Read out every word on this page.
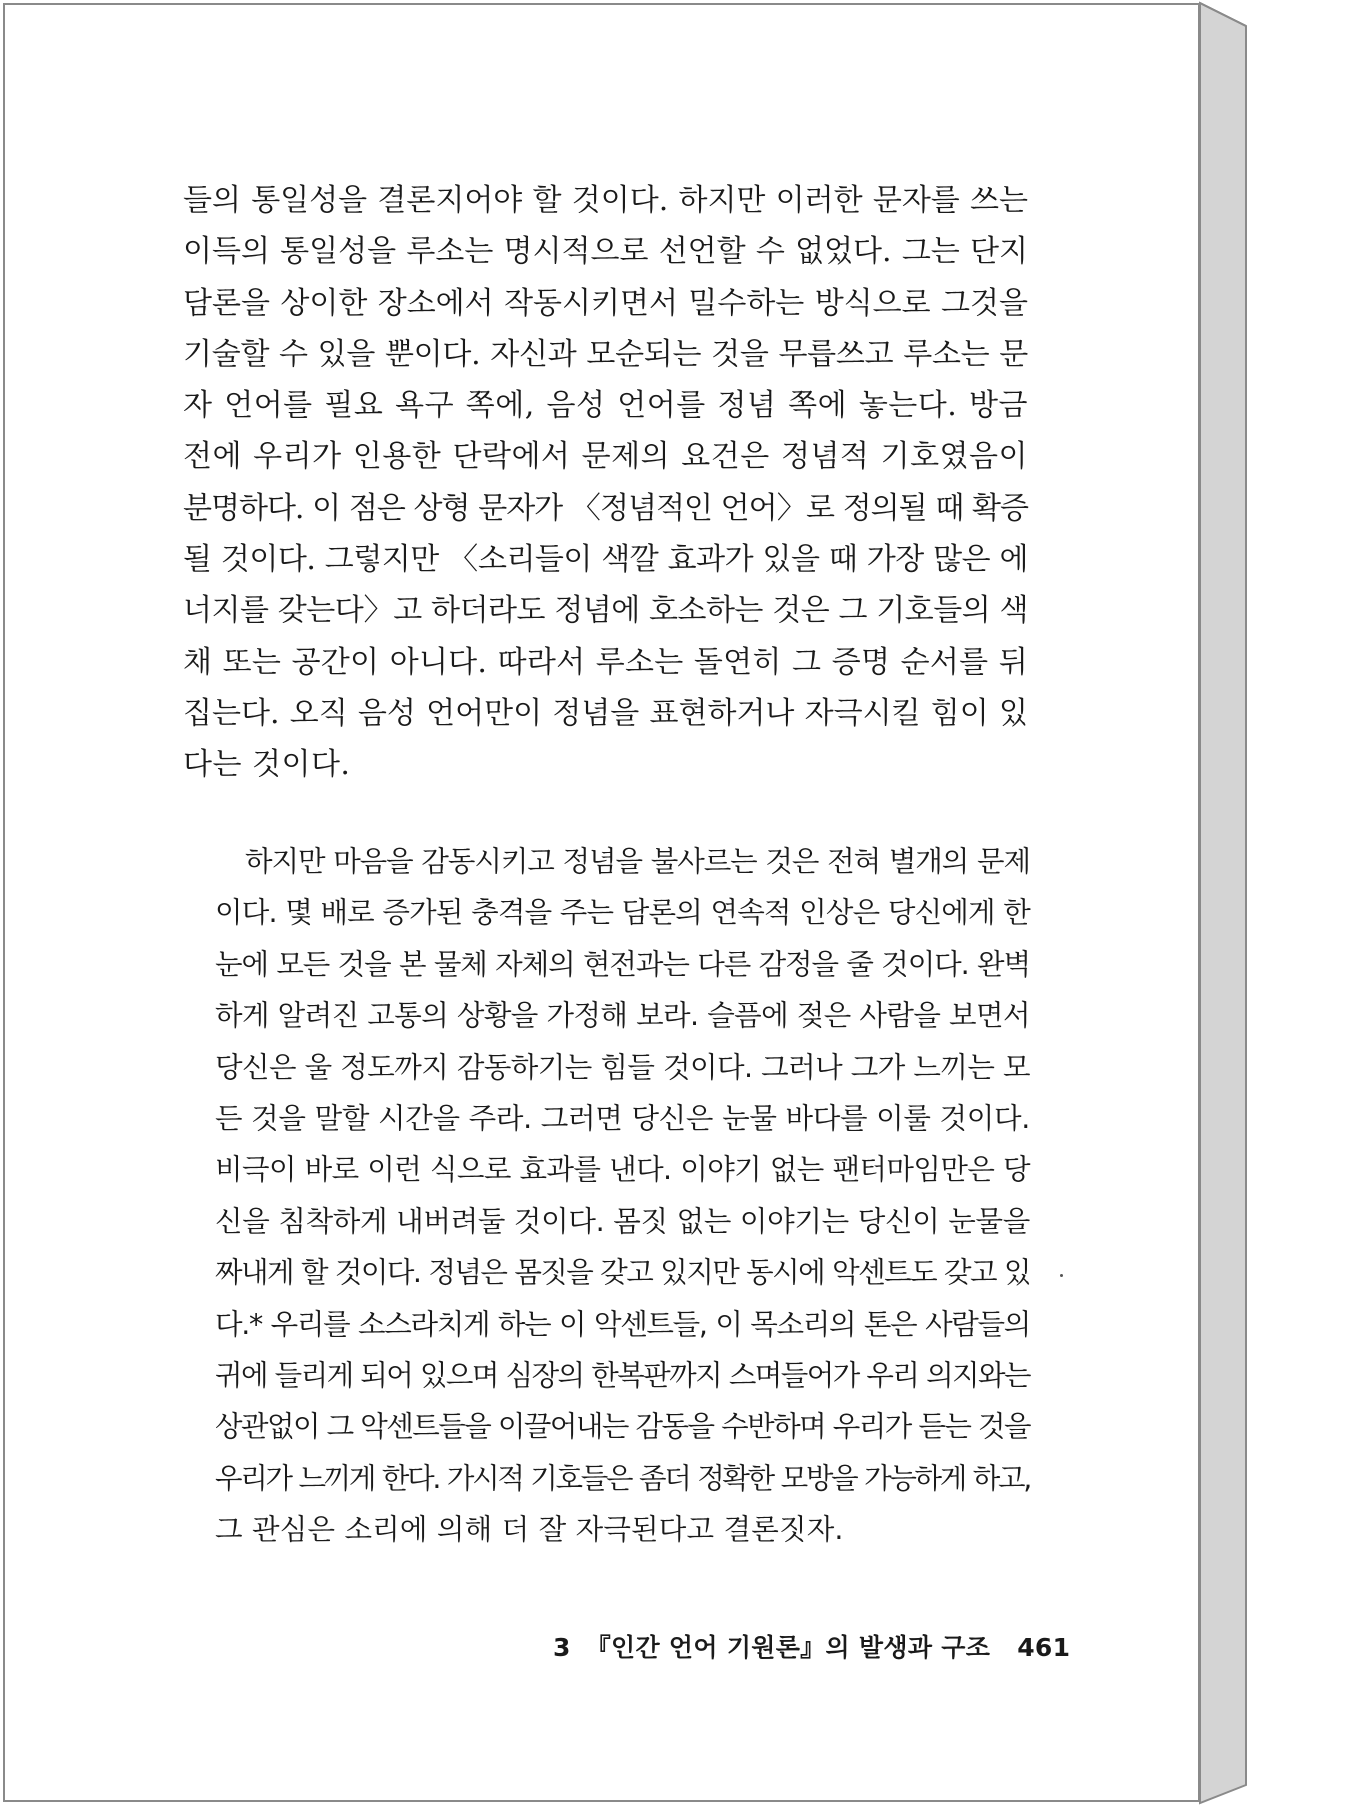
들의 통일성을 결론지어야 할 것이다. 하지만 이러한 문자를 쓰는
이득의 통일성을 루소는 명시적으로 선언할 수 없었다. 그는 단지
담론을 상이한 장소에서 작동시키면서 밀수하는 방식으로 그것을
기술할 수 있을 뿐이다. 자신과 모순되는 것을 무릅쓰고 루소는 문
자 언어를 필요 욕구 쪽에, 음성 언어를 정념 쪽에 놓는다. 방금
전에 우리가 인용한 단락에서 문제의 요건은 정념적 기호였음이
분명하다. 이 점은 상형 문자가 〈정념적인 언어〉로 정의될 때 확증
될 것이다. 그렇지만 〈소리들이 색깔 효과가 있을 때 가장 많은 에
너지를 갖는다〉고 하더라도 정념에 호소하는 것은 그 기호들의 색
채 또는 공간이 아니다. 따라서 루소는 돌연히 그 증명 순서를 뒤
집는다. 오직 음성 언어만이 정념을 표현하거나 자극시킬 힘이 있
다는 것이다.
하지만 마음을 감동시키고 정념을 불사르는 것은 전혀 별개의 문제
이다. 몇 배로 증가된 충격을 주는 담론의 연속적 인상은 당신에게 한
눈에 모든 것을 본 물체 자체의 현전과는 다른 감정을 줄 것이다. 완벽
하게 알려진 고통의 상황을 가정해 보라. 슬픔에 젖은 사람을 보면서
당신은 울 정도까지 감동하기는 힘들 것이다. 그러나 그가 느끼는 모
든 것을 말할 시간을 주라. 그러면 당신은 눈물 바다를 이룰 것이다.
비극이 바로 이런 식으로 효과를 낸다. 이야기 없는 팬터마임만은 당
신을 침착하게 내버려둘 것이다. 몸짓 없는 이야기는 당신이 눈물을
짜내게 할 것이다. 정념은 몸짓을 갖고 있지만 동시에 악센트도 갖고 있
다.* 우리를 소스라치게 하는 이 악센트들, 이 목소리의 톤은 사람들의
귀에 들리게 되어 있으며 심장의 한복판까지 스며들어가 우리 의지와는
상관없이 그 악센트들을 이끌어내는 감동을 수반하며 우리가 듣는 것을
우리가 느끼게 한다. 가시적 기호들은 좀더 정확한 모방을 가능하게 하고,
그 관심은 소리에 의해 더 잘 자극된다고 결론짓자.
3 『인간 언어 기원론』의 발생과 구조 461
